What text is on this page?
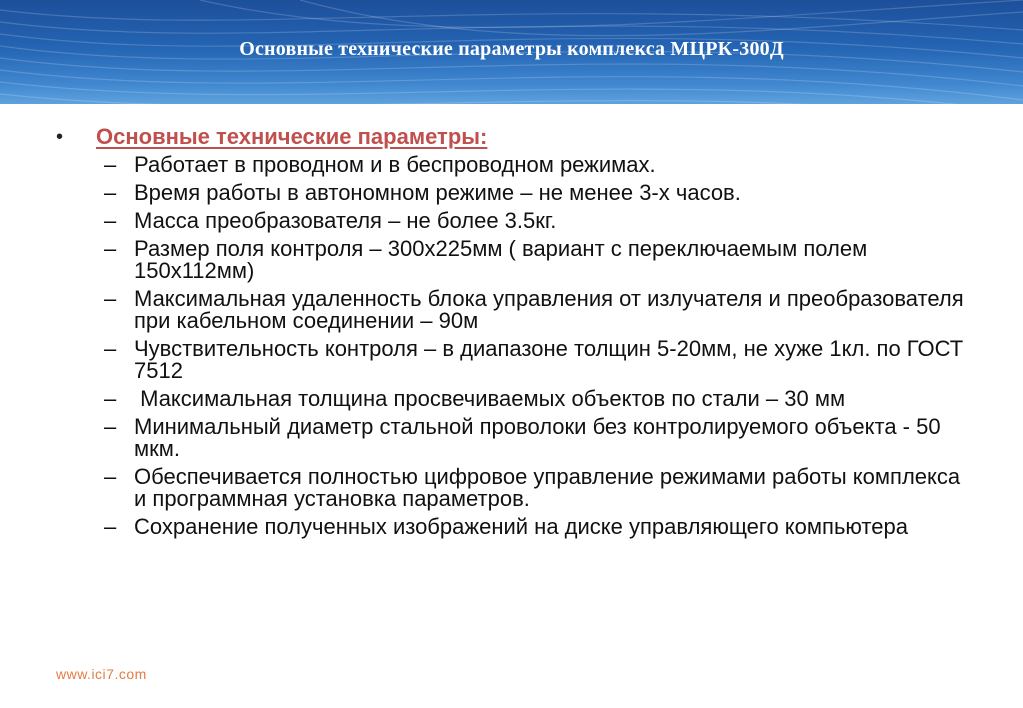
Основные технические параметры комплекса МЦРК-300Д
•	Основные технические параметры:
– Работает в проводном и в беспроводном режимах.
– Время работы в автономном режиме – не менее 3-х часов.
– Масса преобразователя – не более 3.5кг.
– Размер поля контроля – 300х225мм ( вариант с переключаемым полем 150х112мм)
– Максимальная удаленность блока управления от излучателя и преобразователя при кабельном соединении – 90м
– Чувствительность контроля – в диапазоне толщин 5-20мм, не хуже 1кл. по ГОСТ 7512
– Максимальная толщина просвечиваемых объектов по стали – 30 мм
– Минимальный диаметр стальной проволоки без контролируемого объекта - 50 мкм.
– Обеспечивается полностью цифровое управление режимами работы комплекса и программная установка параметров.
– Сохранение полученных изображений на диске управляющего компьютера
www.ici7.com
